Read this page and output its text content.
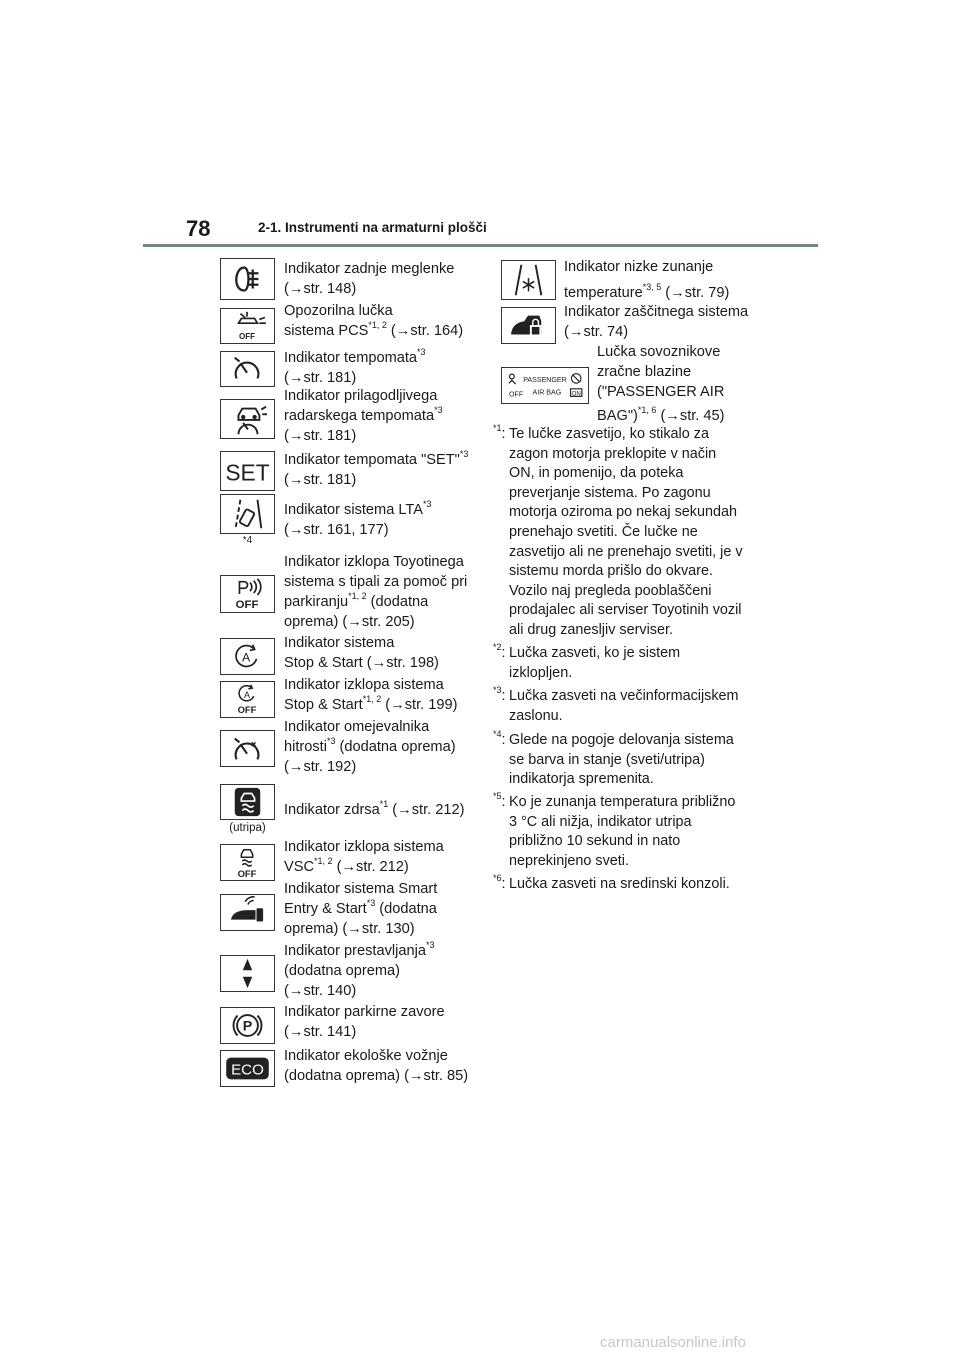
78	2-1. Instrumenti na armaturni plošči
Indikator zadnje meglenke
(→str. 148)
OFF
Opozorilna lučka
sistema PCS$^{*1, 2}$ (→str. 164)
Indikator tempomata$^{*3}$
(→str. 181)
Indikator prilagodljivega
radarskega tempomata$^{*3}$
(→str. 181)
SET Indikator tempomata "SET"$^{*3}$
(→str. 181)
*4
Indikator sistema LTA$^{*3}$
(→str. 161, 177)
OFF
Indikator izklopa Toyotinega
sistema s tipali za pomoč pri
parkiranju$^{*1, 2}$ (dodatna
oprema) (→str. 205)
A
Indikator sistema
Stop & Start (→str. 198)
A
OFF
Indikator izklopa sistema
Stop & Start$^{*1, 2}$ (→str. 199)
Indikator omejevalnika
hitrosti$^{*3}$ (dodatna oprema)
(→str. 192)
(utripa)
Indikator zdrsa$^{*1}$ (→str. 212)
OFF
Indikator izklopa sistema
VSC$^{*1, 2}$ (→str. 212)
Indikator sistema Smart
Entry & Start$^{*3}$ (dodatna
oprema) (→str. 130)
Indikator prestavljanja$^{*3}$
(dodatna oprema)
(→str. 140)
P
Indikator parkirne zavore
(→str. 141)
ECO
Indikator ekološke vožnje
(dodatna oprema) (→str. 85)
Indikator nizke zunanje
temperature$^{*3, 5}$ (→str. 79)
Indikator zaščitnega sistema
(→str. 74)
OFF
PASSENGER
AIR BAG ON
Lučka sovoznikove
zračne blazine
("PASSENGER AIR
BAG")$^{*1, 6}$ (→str. 45)
$^{*1}$: Te lučke zasvetijo, ko stikalo za
zagon motorja preklopite v način
ON, in pomenijo, da poteka
preverjanje sistema. Po zagonu
motorja oziroma po nekaj sekundah
prenehajo svetiti. Če lučke ne
zasvetijo ali ne prenehajo svetiti, je v
sistemu morda prišlo do okvare.
Vozilo naj pregleda pooblaščeni
prodajalec ali serviser Toyotinih vozil
ali drug zanesljiv serviser.
$^{*2}$: Lučka zasveti, ko je sistem
izklopljen.
$^{*3}$: Lučka zasveti na večinformacijskem
zaslonu.
$^{*4}$: Glede na pogoje delovanja sistema
se barva in stanje (sveti/utripa)
indikatorja spremenita.
$^{*5}$: Ko je zunanja temperatura približno
3 °C ali nižja, indikator utripa
približno 10 sekund in nato
neprekinjeno sveti.
$^{*6}$: Lučka zasveti na sredinski konzoli.
carmanualsonline.info
